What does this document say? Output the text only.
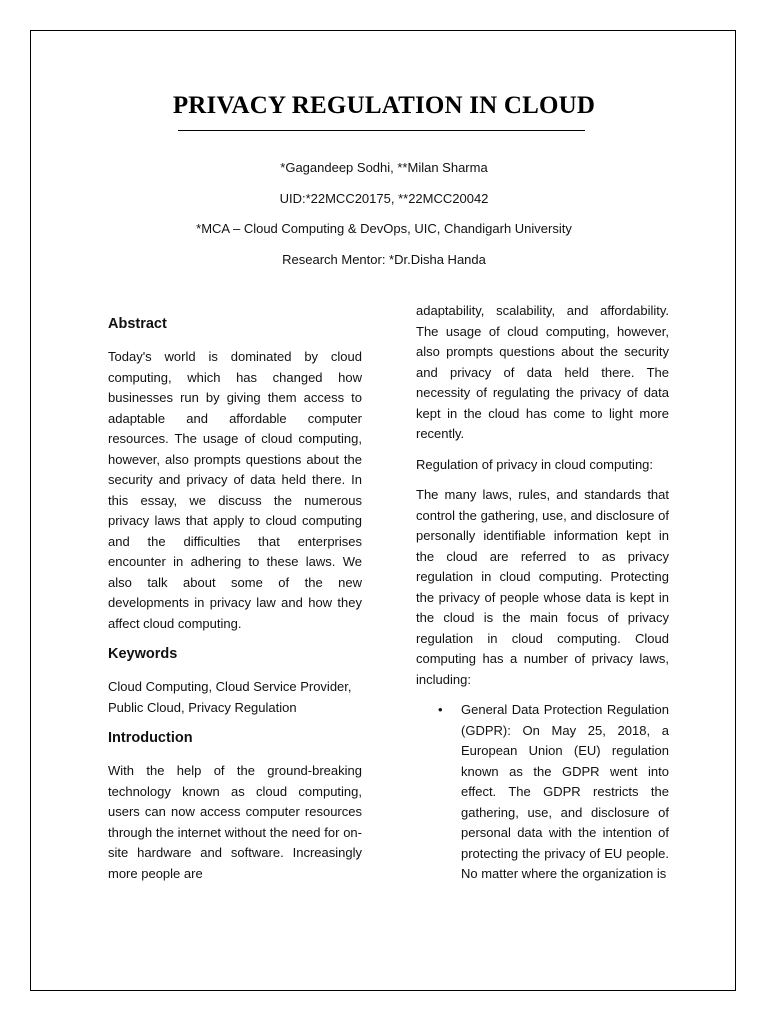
PRIVACY REGULATION IN CLOUD
*Gagandeep Sodhi, **Milan Sharma
UID:*22MCC20175, **22MCC20042
*MCA – Cloud Computing & DevOps, UIC, Chandigarh University
Research Mentor: *Dr.Disha Handa
Abstract

Today's world is dominated by cloud computing, which has changed how businesses run by giving them access to adaptable and affordable computer resources. The usage of cloud computing, however, also prompts questions about the security and privacy of data held there. In this essay, we discuss the numerous privacy laws that apply to cloud computing and the difficulties that enterprises encounter in adhering to these laws. We also talk about some of the new developments in privacy law and how they affect cloud computing.

Keywords

Cloud Computing, Cloud Service Provider, Public Cloud, Privacy Regulation

Introduction

With the help of the ground-breaking technology known as cloud computing, users can now access computer resources through the internet without the need for on-site hardware and software. Increasingly more people are

adaptability, scalability, and affordability. The usage of cloud computing, however, also prompts questions about the security and privacy of data held there. The necessity of regulating the privacy of data kept in the cloud has come to light more recently.

Regulation of privacy in cloud computing:

The many laws, rules, and standards that control the gathering, use, and disclosure of personally identifiable information kept in the cloud are referred to as privacy regulation in cloud computing. Protecting the privacy of people whose data is kept in the cloud is the main focus of privacy regulation in cloud computing. Cloud computing has a number of privacy laws, including:

• General Data Protection Regulation (GDPR): On May 25, 2018, a European Union (EU) regulation known as the GDPR went into effect. The GDPR restricts the gathering, use, and disclosure of personal data with the intention of protecting the privacy of EU people. No matter where the organization is
